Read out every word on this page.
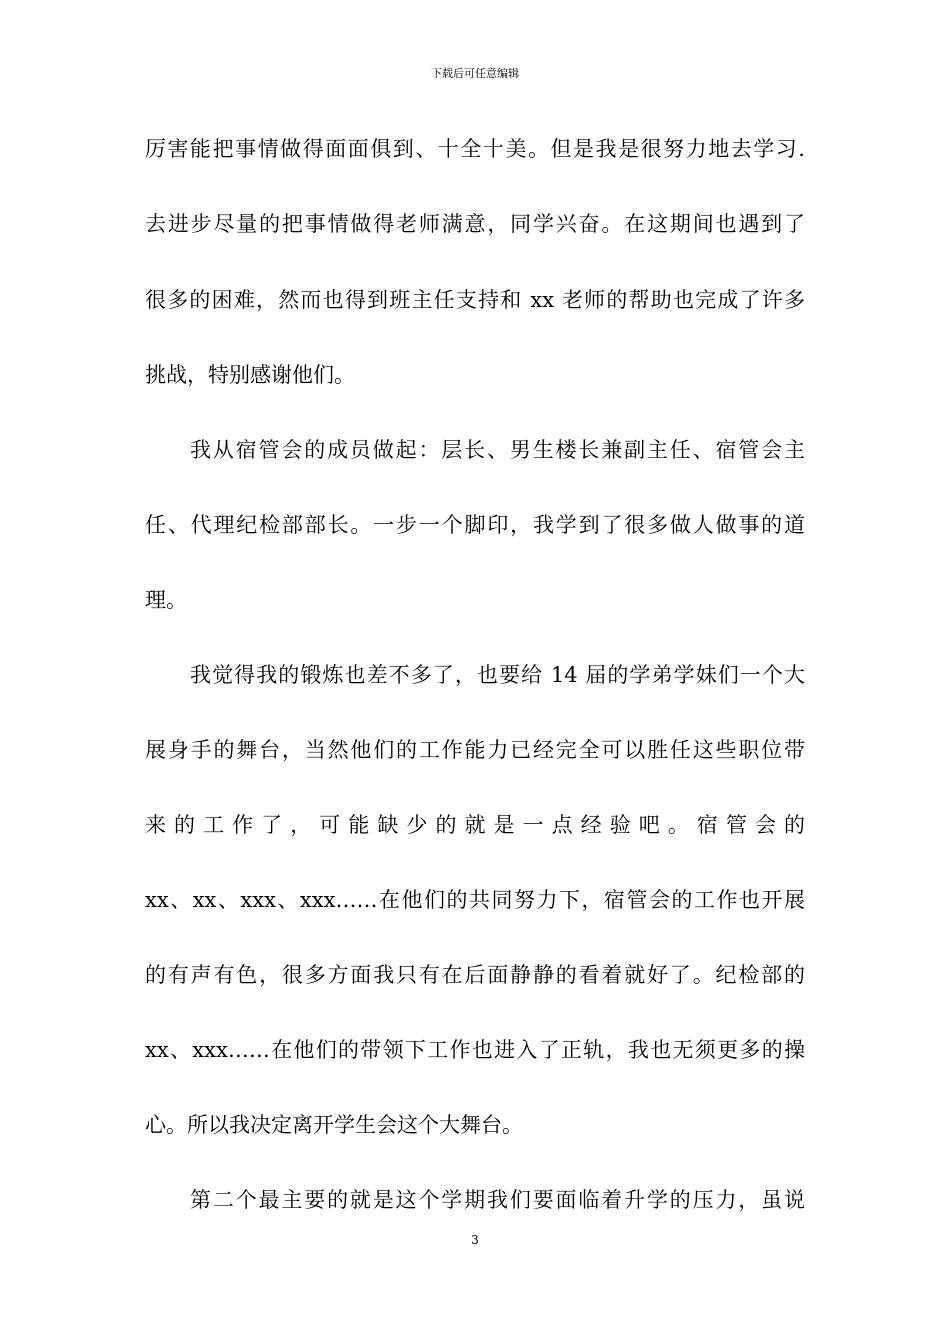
下载后可任意编辑
厉害能把事情做得面面俱到、十全十美。但是我是很努力地去学习.
去进步尽量的把事情做得老师满意，同学兴奋。在这期间也遇到了
很多的困难，然而也得到班主任支持和 xx 老师的帮助也完成了许多
挑战，特别感谢他们。
我从宿管会的成员做起：层长、男生楼长兼副主任、宿管会主
任、代理纪检部部长。一步一个脚印，我学到了很多做人做事的道
理。
我觉得我的锻炼也差不多了，也要给 14 届的学弟学妹们一个大
展身手的舞台，当然他们的工作能力已经完全可以胜任这些职位带
来的工作了，可能缺少的就是一点经验吧。宿管会的
xx、xx、xxx、xxx……在他们的共同努力下，宿管会的工作也开展
的有声有色，很多方面我只有在后面静静的看着就好了。纪检部的
xx、xxx……在他们的带领下工作也进入了正轨，我也无须更多的操
心。所以我决定离开学生会这个大舞台。
第二个最主要的就是这个学期我们要面临着升学的压力，虽说
3
